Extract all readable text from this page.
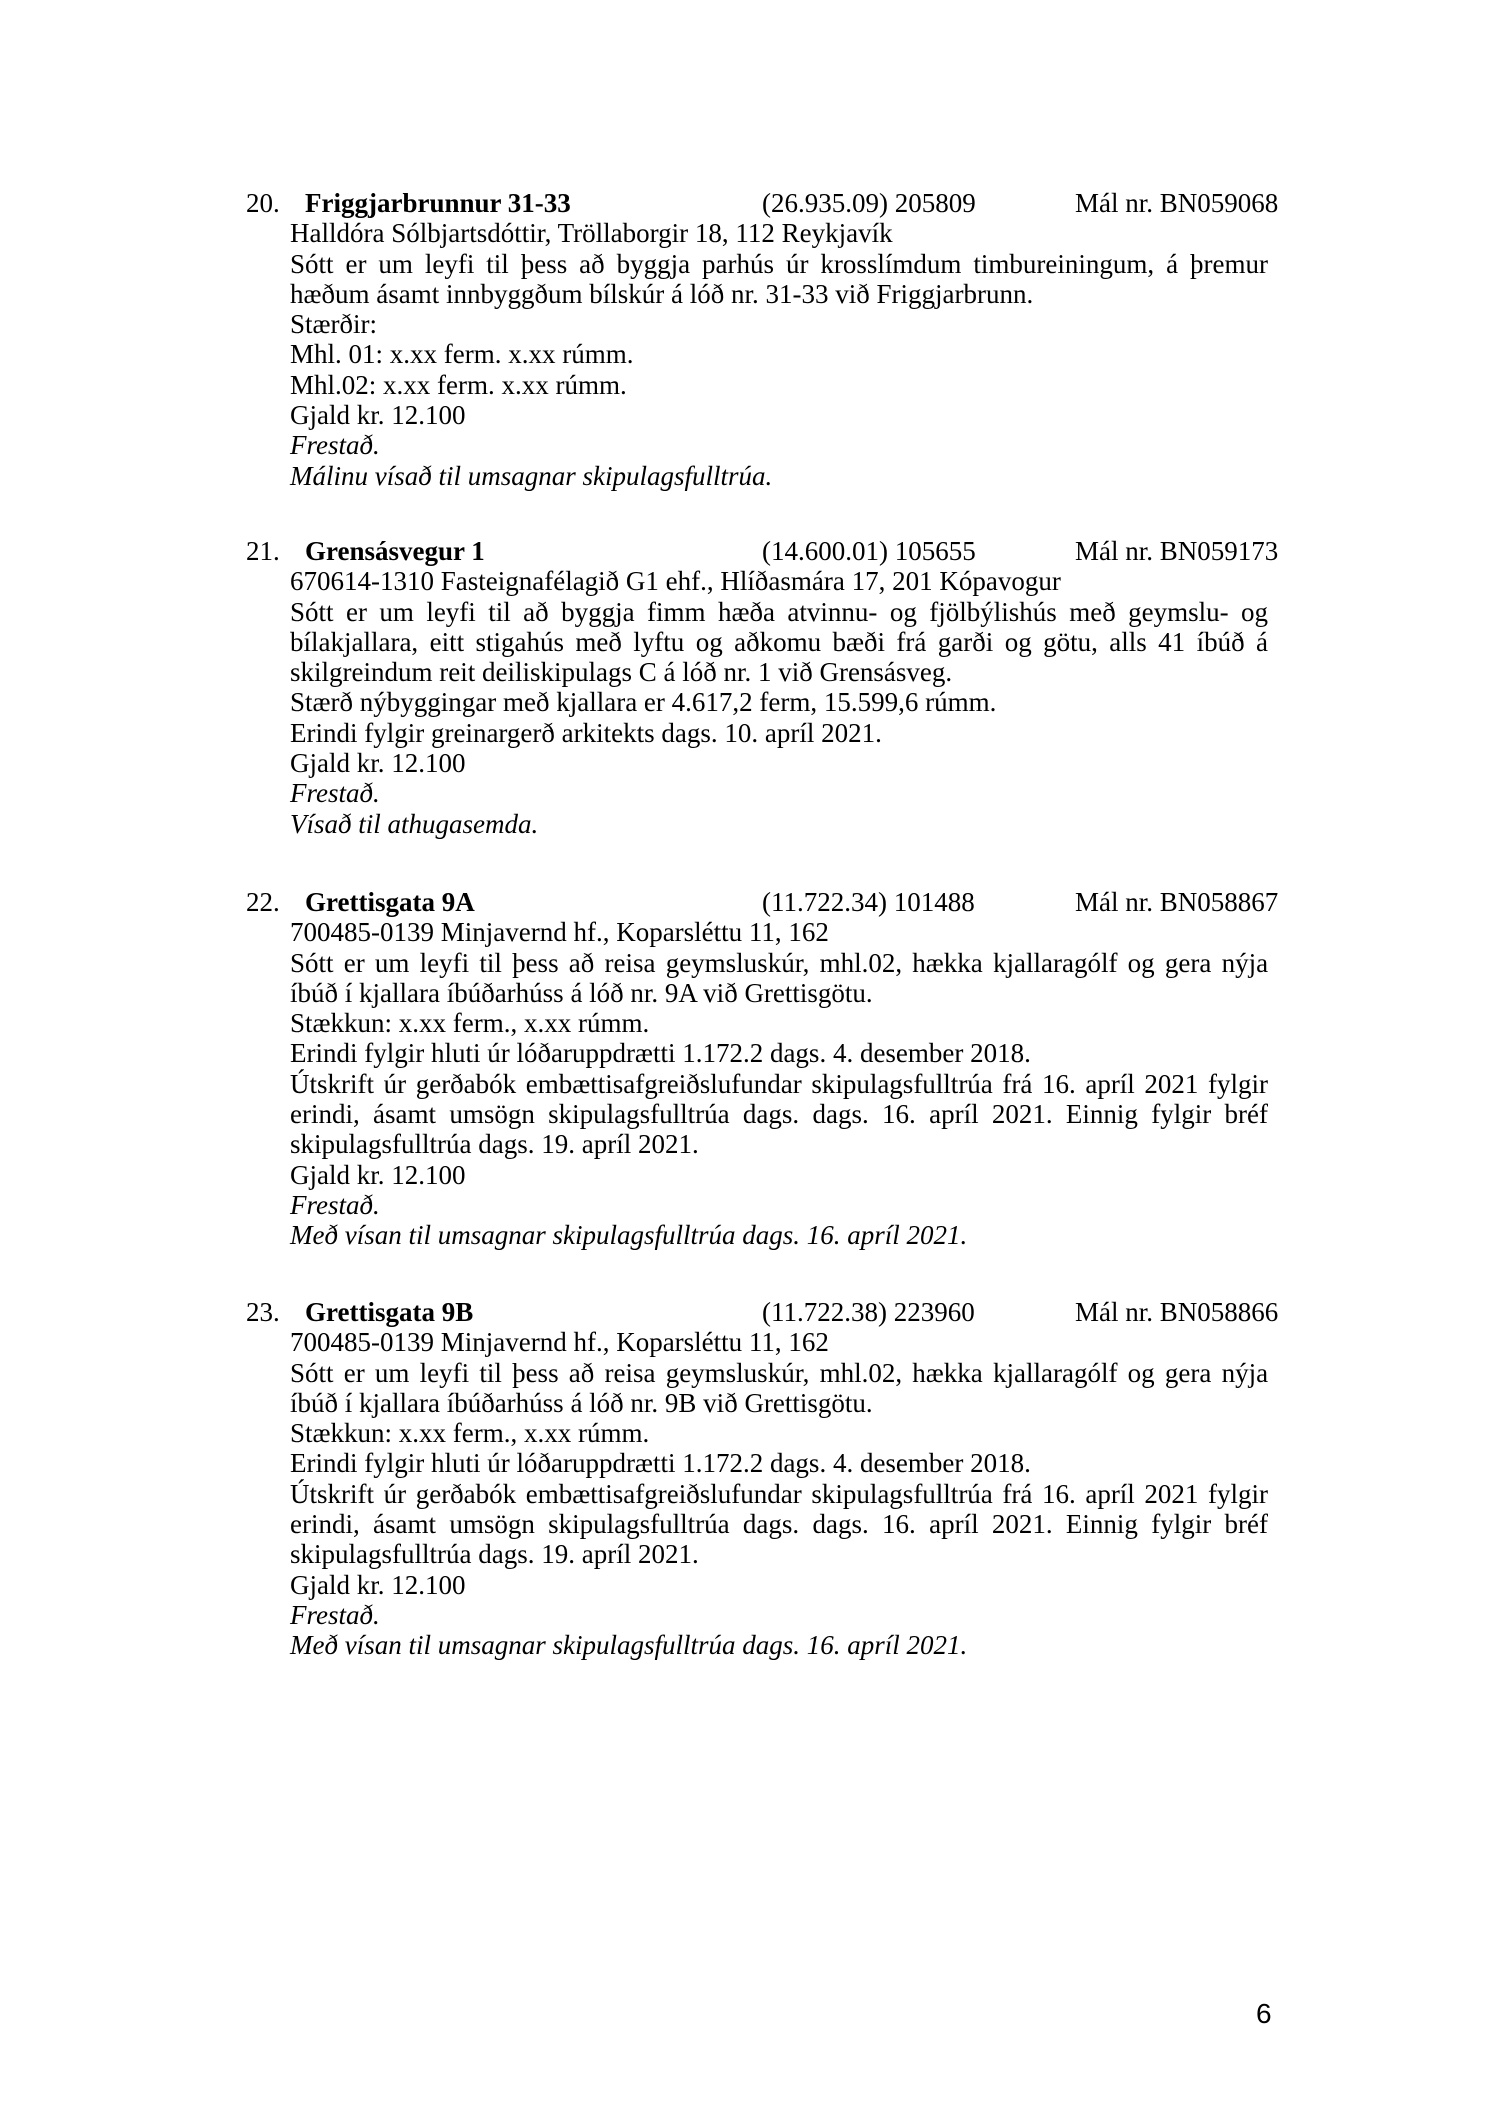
20. Friggjarbrunnur 31-33	(26.935.09) 205809	Mál nr. BN059068
Halldóra Sólbjartsdóttir, Tröllaborgir 18, 112 Reykjavík
Sótt er um leyfi til þess að byggja parhús úr krosslímdum timbureiningum, á þremur
hæðum ásamt innbyggðum bílskúr á lóð nr. 31-33 við Friggjarbrunn.
Stærðir:
Mhl. 01: x.xx ferm. x.xx rúmm.
Mhl.02: x.xx ferm. x.xx rúmm.
Gjald kr. 12.100
Frestað.
Málinu vísað til umsagnar skipulagsfulltrúa.
21. Grensásvegur 1	(14.600.01) 105655	Mál nr. BN059173
670614-1310 Fasteignafélagið G1 ehf., Hlíðasmára 17, 201 Kópavogur
Sótt er um leyfi til að byggja fimm hæða atvinnu- og fjölbýlishús með geymslu- og
bílakjallara, eitt stigahús með lyftu og aðkomu bæði frá garði og götu, alls 41 íbúð á
skilgreindum reit deiliskipulags C á lóð nr. 1 við Grensásveg.
Stærð nýbyggingar með kjallara er 4.617,2 ferm, 15.599,6 rúmm.
Erindi fylgir greinargerð arkitekts dags. 10. apríl 2021.
Gjald kr. 12.100
Frestað.
Vísað til athugasemda.
22. Grettisgata 9A	(11.722.34) 101488	Mál nr. BN058867
700485-0139 Minjavernd hf., Koparsléttu 11, 162
Sótt er um leyfi til þess að reisa geymsluskúr, mhl.02, hækka kjallaragólf og gera nýja
íbúð í kjallara íbúðarhúss á lóð nr. 9A við Grettisgötu.
Stækkun: x.xx ferm., x.xx rúmm.
Erindi fylgir hluti úr lóðaruppdrætti 1.172.2 dags. 4. desember 2018.
Útskrift úr gerðabók embættisafgreiðslufundar skipulagsfulltrúa frá 16. apríl 2021 fylgir
erindi, ásamt umsögn skipulagsfulltrúa dags. dags. 16. apríl 2021. Einnig fylgir bréf
skipulagsfulltrúa dags. 19. apríl 2021.
Gjald kr. 12.100
Frestað.
Með vísan til umsagnar skipulagsfulltrúa dags. 16. apríl 2021.
23. Grettisgata 9B	(11.722.38) 223960	Mál nr. BN058866
700485-0139 Minjavernd hf., Koparsléttu 11, 162
Sótt er um leyfi til þess að reisa geymsluskúr, mhl.02, hækka kjallaragólf og gera nýja
íbúð í kjallara íbúðarhúss á lóð nr. 9B við Grettisgötu.
Stækkun: x.xx ferm., x.xx rúmm.
Erindi fylgir hluti úr lóðaruppdrætti 1.172.2 dags. 4. desember 2018.
Útskrift úr gerðabók embættisafgreiðslufundar skipulagsfulltrúa frá 16. apríl 2021 fylgir
erindi, ásamt umsögn skipulagsfulltrúa dags. dags. 16. apríl 2021. Einnig fylgir bréf
skipulagsfulltrúa dags. 19. apríl 2021.
Gjald kr. 12.100
Frestað.
Með vísan til umsagnar skipulagsfulltrúa dags. 16. apríl 2021.
6
